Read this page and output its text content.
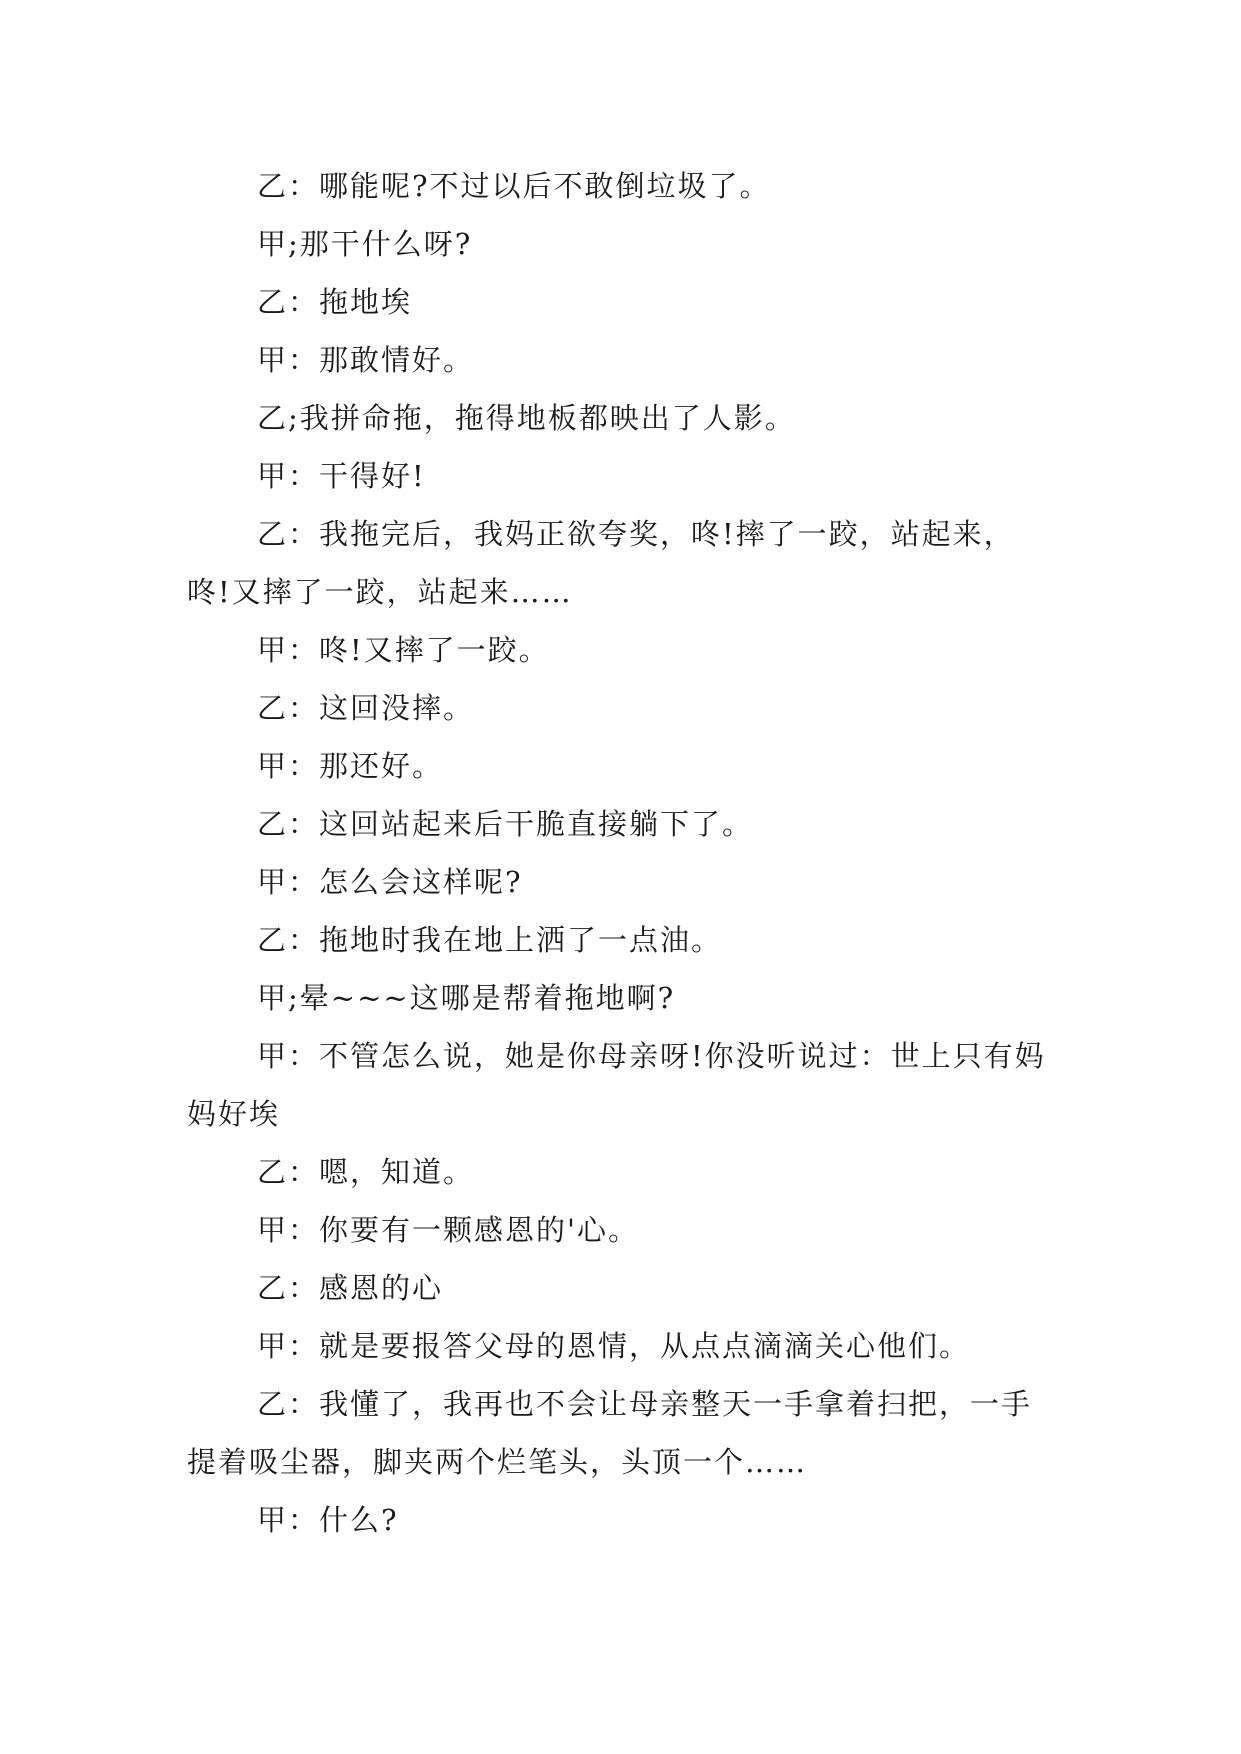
乙：哪能呢?不过以后不敢倒垃圾了。

甲;那干什么呀?

乙：拖地埃

甲：那敢情好。

乙;我拼命拖，拖得地板都映出了人影。

甲：干得好!

乙：我拖完后，我妈正欲夸奖，咚!摔了一跤，站起来，咚!又摔了一跤，站起来……

甲：咚!又摔了一跤。

乙：这回没摔。

甲：那还好。

乙：这回站起来后干脆直接躺下了。

甲：怎么会这样呢?

乙：拖地时我在地上洒了一点油。

甲;晕~~~这哪是帮着拖地啊?

甲：不管怎么说，她是你母亲呀!你没听说过：世上只有妈妈好埃

乙：嗯，知道。

甲：你要有一颗感恩的'心。

乙：感恩的心

甲：就是要报答父母的恩情，从点点滴滴关心他们。

乙：我懂了，我再也不会让母亲整天一手拿着扫把，一手提着吸尘器，脚夹两个烂笔头，头顶一个……

甲：什么?
